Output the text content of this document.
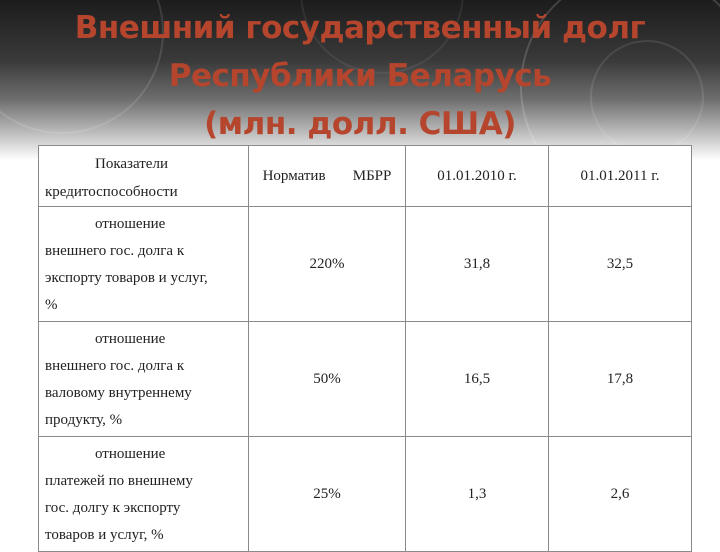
Внешний государственный долг
Республики Беларусь
(млн. долл. США)
Показатели
кредитоспособности	Норматив МБРР	01.01.2010 г.	01.01.2011 г.

отношение
внешнего гос. долга к
экспорту товаров и услуг,
%	220%	31,8	32,5

отношение
внешнего гос. долга к
валовому внутреннему
продукту, %	50%	16,5	17,8

отношение
платежей по внешнему
гос. долгу к экспорту
товаров и услуг, %	25%	1,3	2,6
